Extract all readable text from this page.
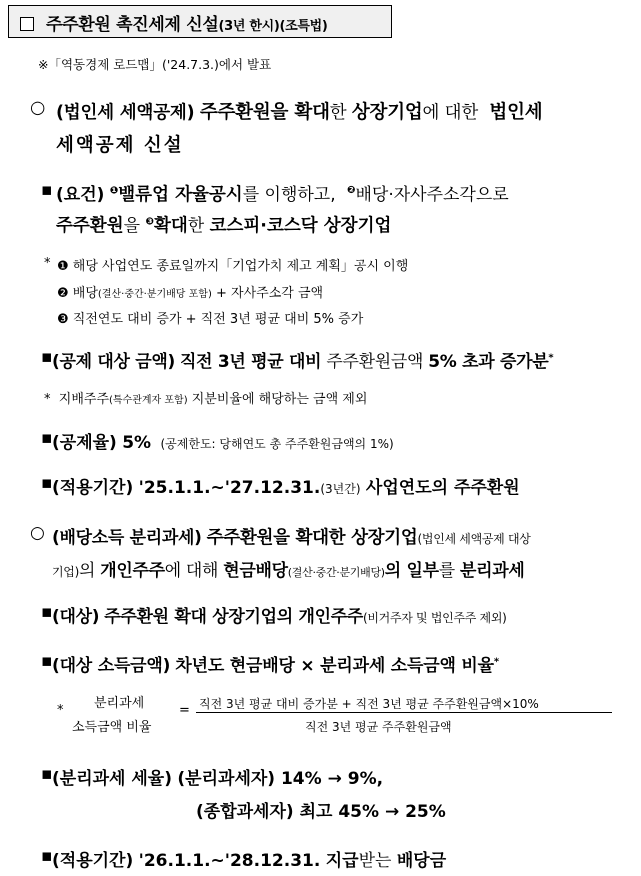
주주환원 촉진세제 신설(3년 한시)(조특법)
※「역동경제 로드맵」('24.7.3.)에서 발표
○ (법인세 세액공제) 주주환원을 확대한 상장기업에 대한 법인세
세액공제 신설
▪ (요건) $^❶$밸류업 자율공시를 이행하고, $^❷$배당·자사주소각으로
주주환원을 $^❸$확대한 코스피·코스닥 상장기업
* ❶ 해당 사업연도 종료일까지「기업가치 제고 계획」공시 이행
❷ 배당(결산·중간·분기배당 포함) + 자사주소각 금액
❸ 직전연도 대비 증가 + 직전 3년 평균 대비 5% 증가
▪ (공제 대상 금액) 직전 3년 평균 대비 주주환원금액 5% 초과 증가분*
* 지배주주(특수관계자 포함) 지분비율에 해당하는 금액 제외
▪ (공제율) 5% (공제한도: 당해연도 총 주주환원금액의 1%)
▪ (적용기간) '25.1.1.~'27.12.31.(3년간) 사업연도의 주주환원
○ (배당소득 분리과세) 주주환원을 확대한 상장기업(법인세 세액공제 대상
기업)의 개인주주에 대해 현금배당(결산·중간·분기배당)의 일부를 분리과세
▪ (대상) 주주환원 확대 상장기업의 개인주주(비거주자 및 법인주주 제외)
▪ (대상 소득금액) 차년도 현금배당 × 분리과세 소득금액 비율*
* 분리과세
소득금액 비율
= 직전 3년 평균 대비 증가분 + 직전 3년 평균 주주환원금액×10%
직전 3년 평균 주주환원금액
▪ (분리과세 세율) (분리과세자) 14% → 9%,
(종합과세자) 최고 45% → 25%
▪ (적용기간) '26.1.1.~'28.12.31. 지급받는 배당금
